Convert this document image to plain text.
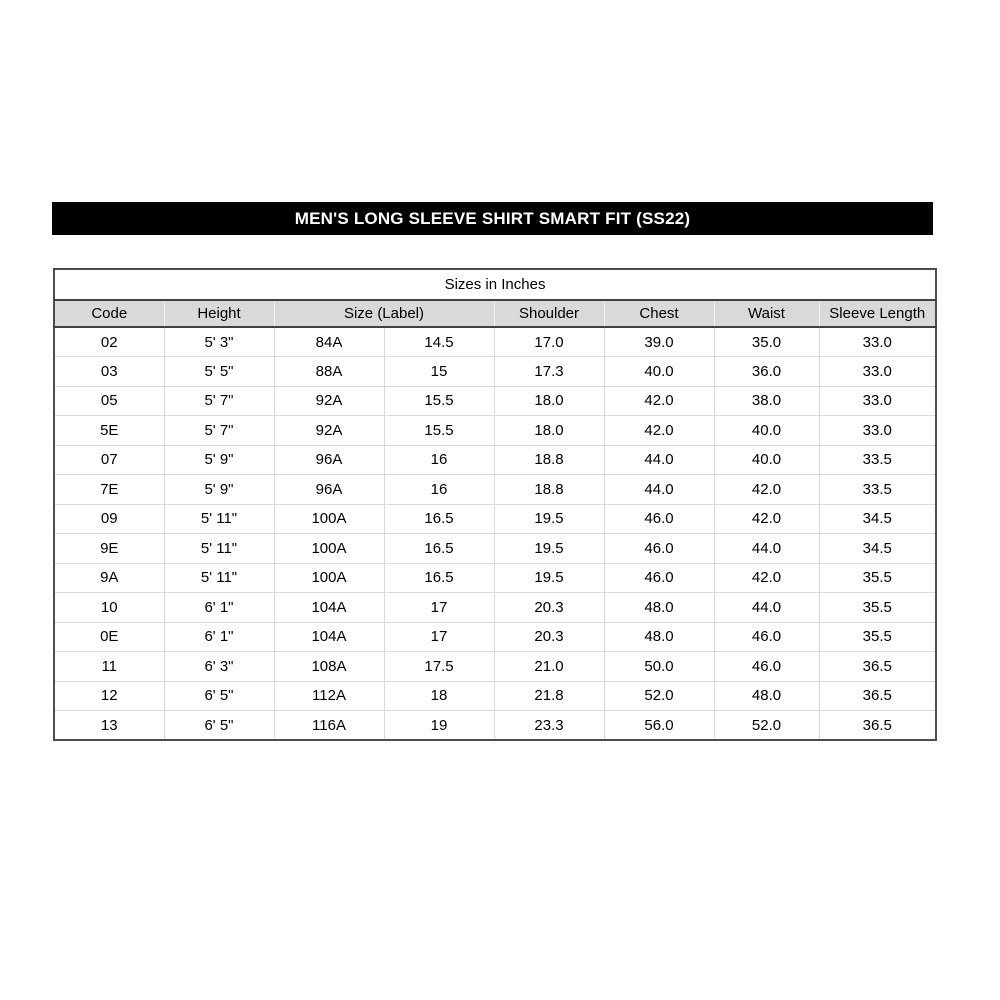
MEN'S LONG SLEEVE SHIRT SMART FIT (SS22)
Sizes in Inches							
Code	Height	Size (Label)		Shoulder	Chest	Waist	Sleeve Length
02	5' 3"	84A	14.5	17.0	39.0	35.0	33.0
03	5' 5"	88A	15	17.3	40.0	36.0	33.0
05	5' 7"	92A	15.5	18.0	42.0	38.0	33.0
5E	5' 7"	92A	15.5	18.0	42.0	40.0	33.0
07	5' 9"	96A	16	18.8	44.0	40.0	33.5
7E	5' 9"	96A	16	18.8	44.0	42.0	33.5
09	5' 11"	100A	16.5	19.5	46.0	42.0	34.5
9E	5' 11"	100A	16.5	19.5	46.0	44.0	34.5
9A	5' 11"	100A	16.5	19.5	46.0	42.0	35.5
10	6' 1"	104A	17	20.3	48.0	44.0	35.5
0E	6' 1"	104A	17	20.3	48.0	46.0	35.5
11	6' 3"	108A	17.5	21.0	50.0	46.0	36.5
12	6' 5"	112A	18	21.8	52.0	48.0	36.5
13	6' 5"	116A	19	23.3	56.0	52.0	36.5
